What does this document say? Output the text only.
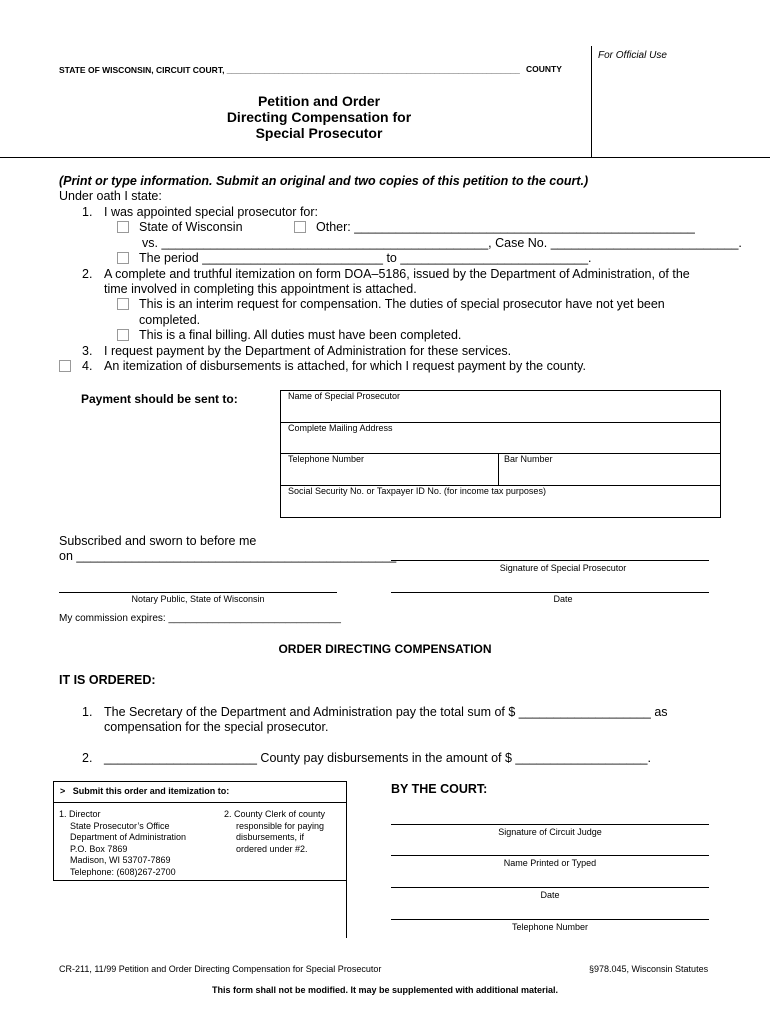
For Official Use
STATE OF WISCONSIN, CIRCUIT COURT, ______________________________________________________________ COUNTY
Petition and Order
Directing Compensation for
Special Prosecutor
(Print or type information. Submit an original and two copies of this petition to the court.)
Under oath I state:
1. I was appointed special prosecutor for:
State of Wisconsin	Other: _________________________________________________
vs. _______________________________________________, Case No. ___________________________.
The period __________________________ to ___________________________.
2. A complete and truthful itemization on form DOA–5186, issued by the Department of Administration, of the
time involved in completing this appointment is attached.
This is an interim request for compensation. The duties of special prosecutor have not yet been
completed.
This is a final billing. All duties must have been completed.
3. I request payment by the Department of Administration for these services.
4. An itemization of disbursements is attached, for which I request payment by the county.
Payment should be sent to:	Name of Special Prosecutor
Complete Mailing Address
Telephone Number	Bar Number
Social Security No. or Taxpayer ID No. (for income tax purposes)
Subscribed and sworn to before me
on ______________________________________________
Signature of Special Prosecutor
Notary Public, State of Wisconsin	Date
My commission expires: _______________________________
ORDER DIRECTING COMPENSATION
IT IS ORDERED:
1. The Secretary of the Department and Administration pay the total sum of $ ___________________ as
compensation for the special prosecutor.
2. ______________________ County pay disbursements in the amount of $ ___________________.
>   Submit this order and itemization to:
1. Director
State Prosecutor’s Office
Department of Administration
P.O. Box 7869
Madison, WI 53707-7869
Telephone: (608)267-2700
2. County Clerk of county
responsible for paying
disbursements, if
ordered under #2.
BY THE COURT:
Signature of Circuit Judge
Name Printed or Typed
Date
Telephone Number
CR-211, 11/99 Petition and Order Directing Compensation for Special Prosecutor	§978.045, Wisconsin Statutes
This form shall not be modified. It may be supplemented with additional material.
